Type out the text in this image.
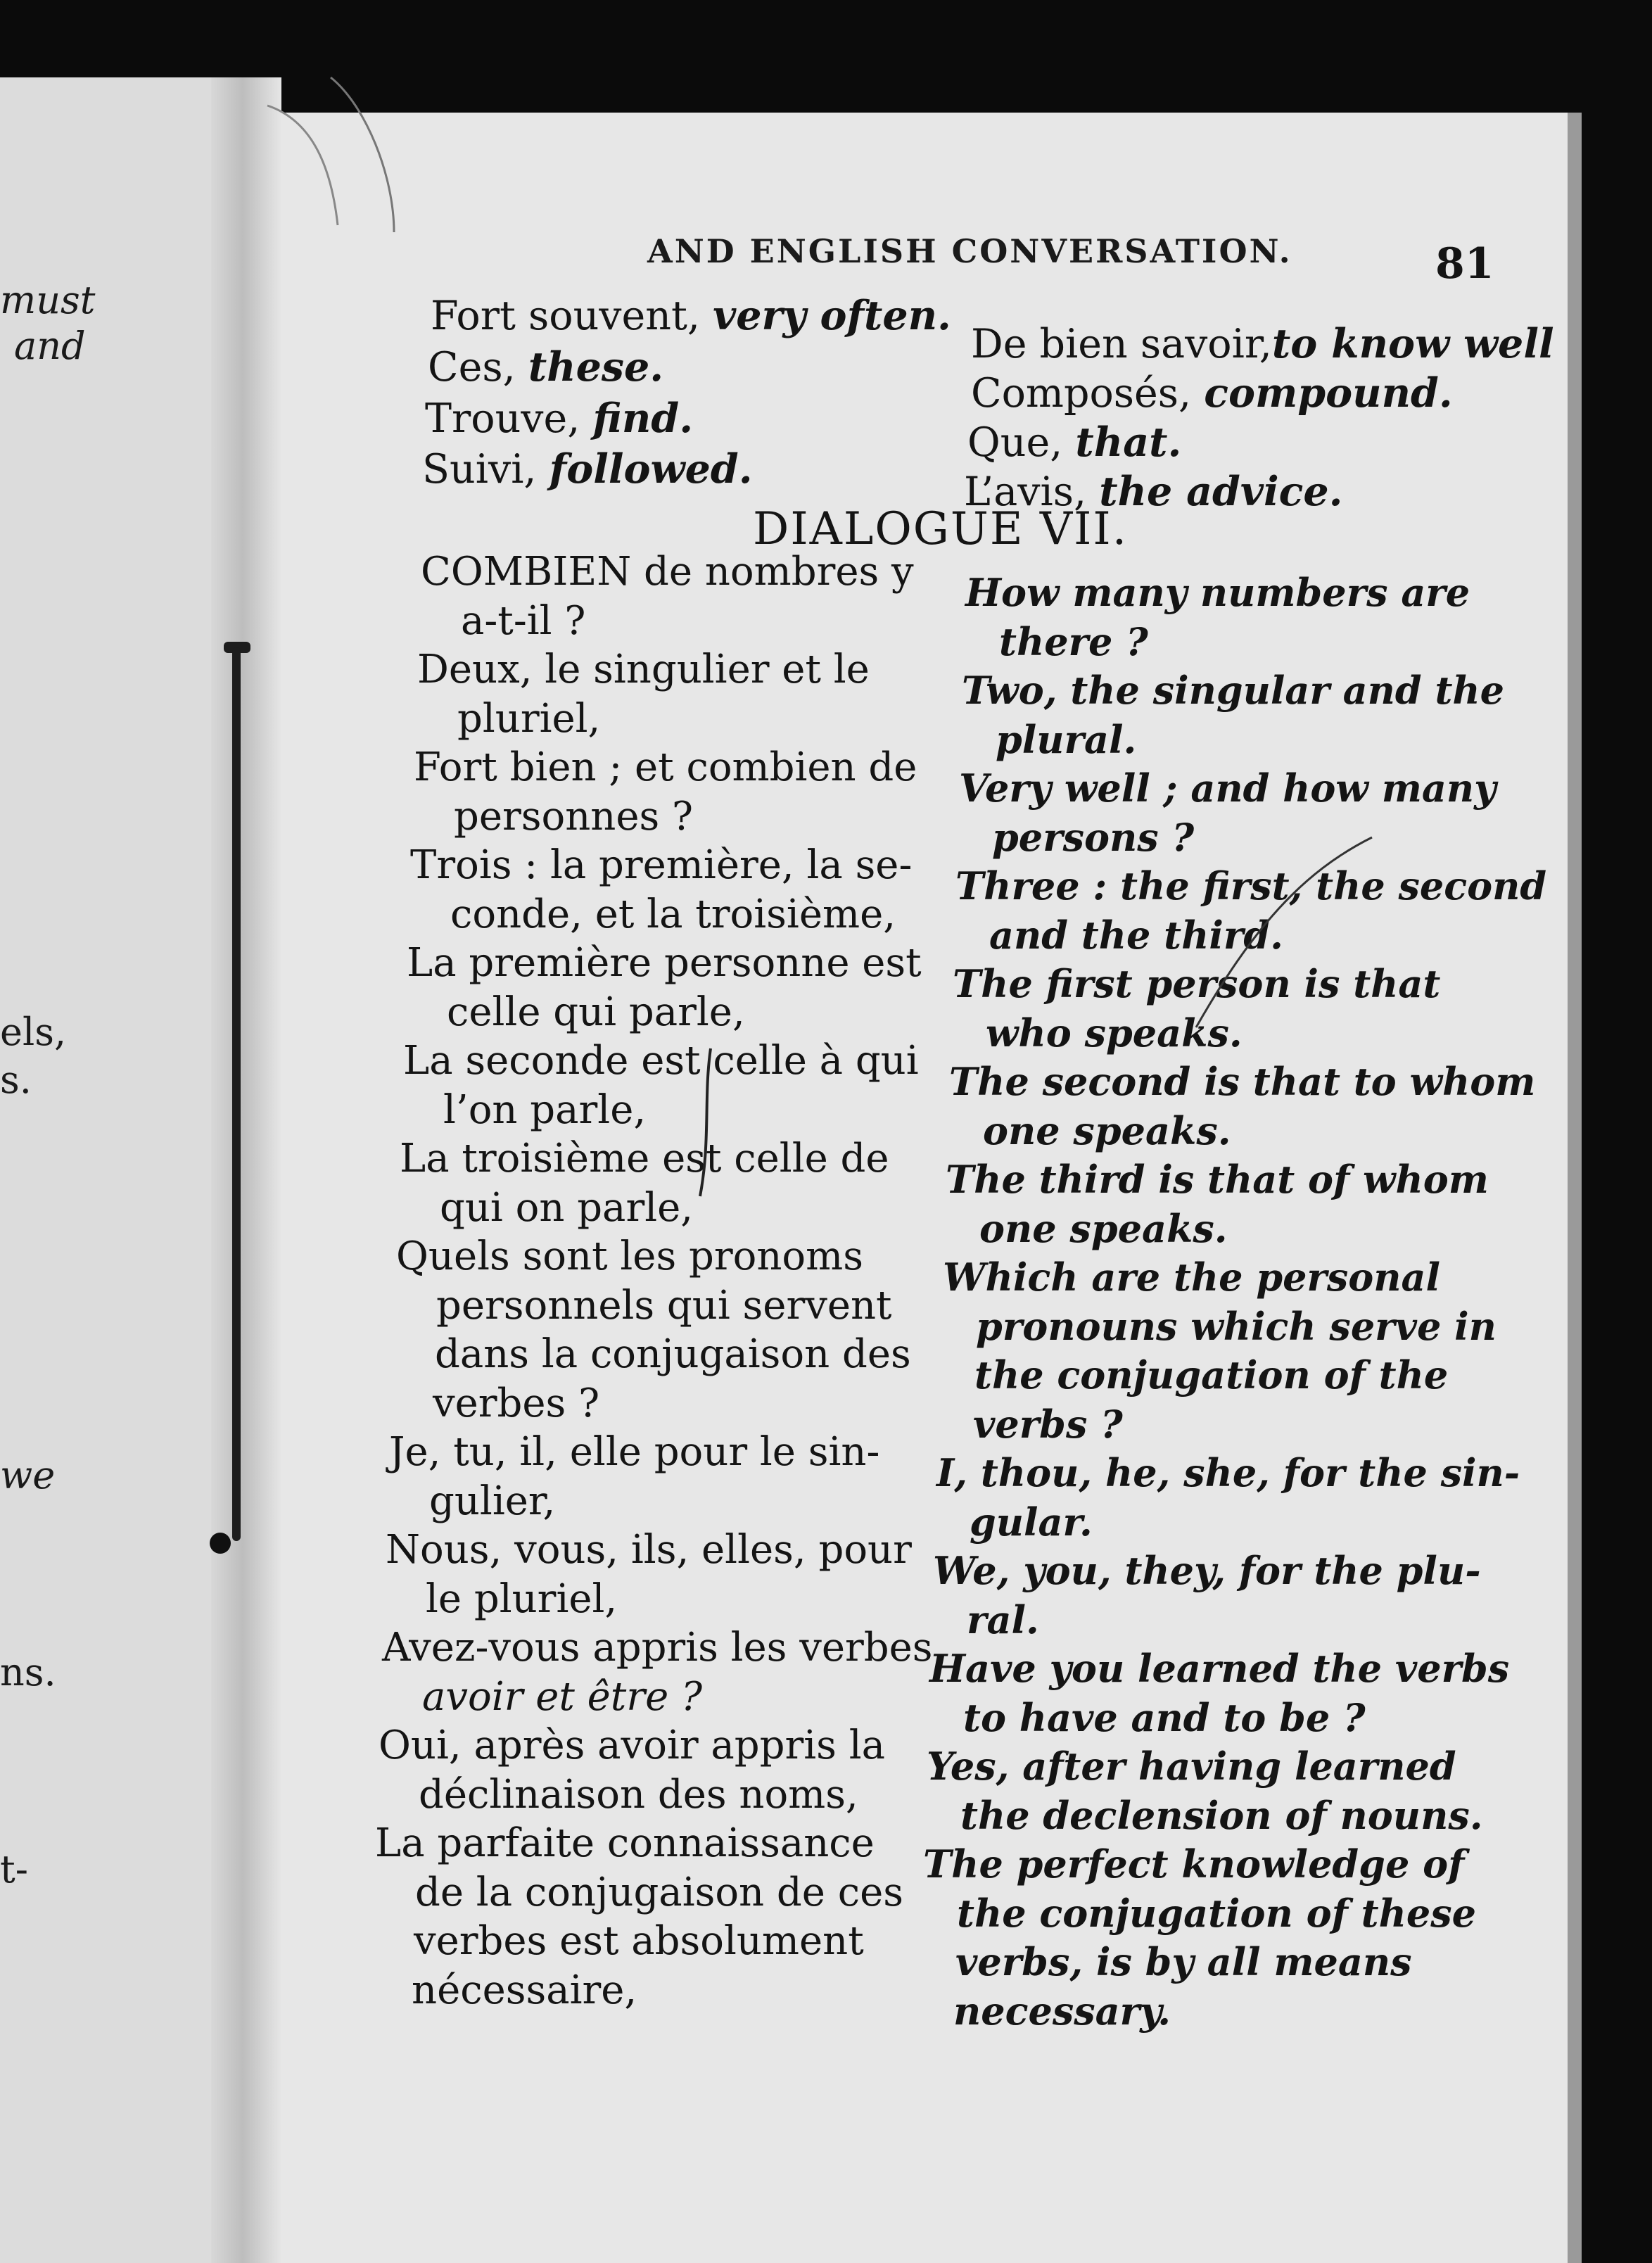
must
and
els,
s.
we
ns.
t-
AND ENGLISH CONVERSATION.	81
Fort souvent, very often.
Ces, these.
Trouve, find.
Suivi, followed.
De bien savoir,to know well
Composés, compound.
Que, that.
L’avis, the advice.
DIALOGUE VII.
COMBIEN de nombres y
a-t-il ?
Deux, le singulier et le
pluriel,
Fort bien ; et combien de
personnes ?
Trois : la première, la se-
conde, et la troisième,
La première personne est
celle qui parle,
La seconde est celle à qui
l’on parle,
La troisième est celle de
qui on parle,
Quels sont les pronoms
personnels qui servent
dans la conjugaison des
verbes ?
Je, tu, il, elle pour le sin-
gulier,
Nous, vous, ils, elles, pour
le pluriel,
Avez-vous appris les verbes
avoir et être ?
Oui, après avoir appris la
déclinaison des noms,
La parfaite connaissance
de la conjugaison de ces
verbes est absolument
nécessaire,
How many numbers are
there ?
Two, the singular and the
plural.
Very well ; and how many
persons ?
Three : the first, the second
and the third.
The first person is that
who speaks.
The second is that to whom
one speaks.
The third is that of whom
one speaks.
Which are the personal
pronouns which serve in
the conjugation of the
verbs ?
I, thou, he, she, for the sin-
gular.
We, you, they, for the plu-
ral.
Have you learned the verbs
to have and to be ?
Yes, after having learned
the declension of nouns.
The perfect knowledge of
the conjugation of these
verbs, is by all means
necessary.
